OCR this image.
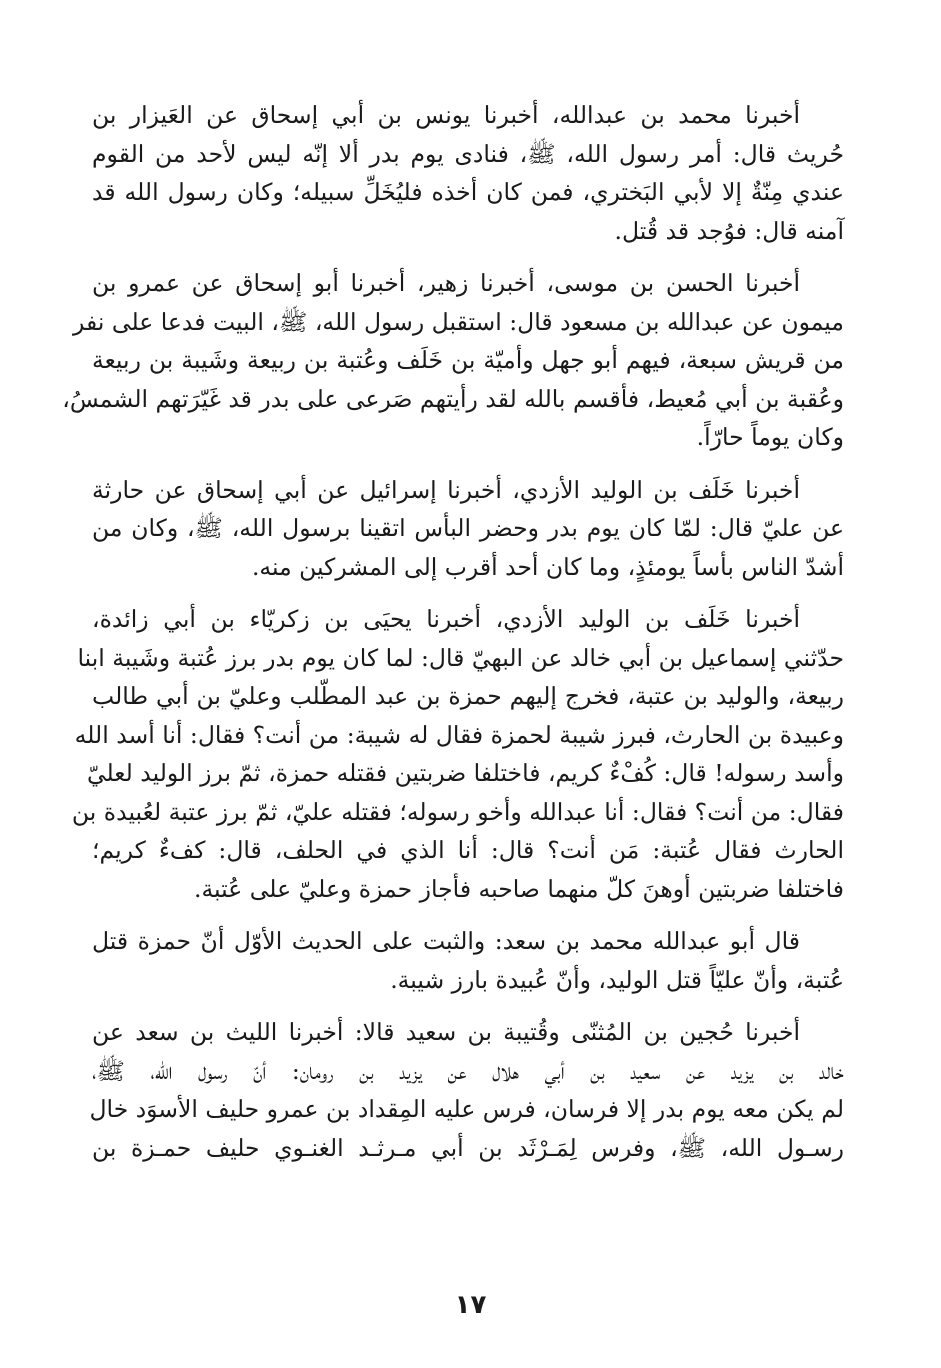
أخبرنا محمد بن عبدالله، أخبرنا يونس بن أبي إسحاق عن العَيزار بن
حُريث قال: أمر رسول الله، ﷺ، فنادى يوم بدر ألا إنّه ليس لأحد من القوم
عندي مِنّةٌ إلا لأبي البَختري، فمن كان أخذه فليُخَلِّ سبيله؛ وكان رسول الله قد
آمنه قال: فوُجد قد قُتل.

أخبرنا الحسن بن موسى، أخبرنا زهير، أخبرنا أبو إسحاق عن عمرو بن
ميمون عن عبدالله بن مسعود قال: استقبل رسول الله، ﷺ، البيت فدعا على نفر
من قريش سبعة، فيهم أبو جهل وأميّة بن خَلَف وعُتبة بن ربيعة وشَيبة بن ربيعة
وعُقبة بن أبي مُعيط، فأقسم بالله لقد رأيتهم صَرعى على بدر قد غَيّرَتهم الشمسُ،
وكان يوماً حارّاً.

أخبرنا خَلَف بن الوليد الأزدي، أخبرنا إسرائيل عن أبي إسحاق عن حارثة
عن عليّ قال: لمّا كان يوم بدر وحضر البأس اتقينا برسول الله، ﷺ، وكان من
أشدّ الناس بأساً يومئذٍ، وما كان أحد أقرب إلى المشركين منه.

أخبرنا خَلَف بن الوليد الأزدي، أخبرنا يحيَى بن زكريّاء بن أبي زائدة،
حدّثني إسماعيل بن أبي خالد عن البهيّ قال: لما كان يوم بدر برز عُتبة وشَيبة ابنا
ربيعة، والوليد بن عتبة، فخرج إليهم حمزة بن عبد المطّلب وعليّ بن أبي طالب
وعبيدة بن الحارث، فبرز شيبة لحمزة فقال له شيبة: من أنت؟ فقال: أنا أسد الله
وأسد رسوله! قال: كُفْءٌ كريم، فاختلفا ضربتين فقتله حمزة، ثمّ برز الوليد لعليّ
فقال: من أنت؟ فقال: أنا عبدالله وأخو رسوله؛ فقتله عليّ، ثمّ برز عتبة لعُبيدة بن
الحارث فقال عُتبة: مَن أنت؟ قال: أنا الذي في الحلف، قال: كفءٌ كريم؛
فاختلفا ضربتين أوهنَ كلّ منهما صاحبه فأجاز حمزة وعليّ على عُتبة.

قال أبو عبدالله محمد بن سعد: والثبت على الحديث الأوّل أنّ حمزة قتل
عُتبة، وأنّ عليّاً قتل الوليد، وأنّ عُبيدة بارز شيبة.

أخبرنا حُجين بن المُثنّى وقُتيبة بن سعيد قالا: أخبرنا الليث بن سعد عن
خالد بن يزيد عن سعيد بن أبي هلال عن يزيد بن رومان: أنّ رسول الله، ﷺ،
لم يكن معه يوم بدر إلا فرسان، فرس عليه المِقداد بن عمرو حليف الأسوَد خال
رسـول الله، ﷺ، وفرس لِمَـرْثَد بن أبي مـرثـد الغنـوي حليف حمـزة بن

١٧
